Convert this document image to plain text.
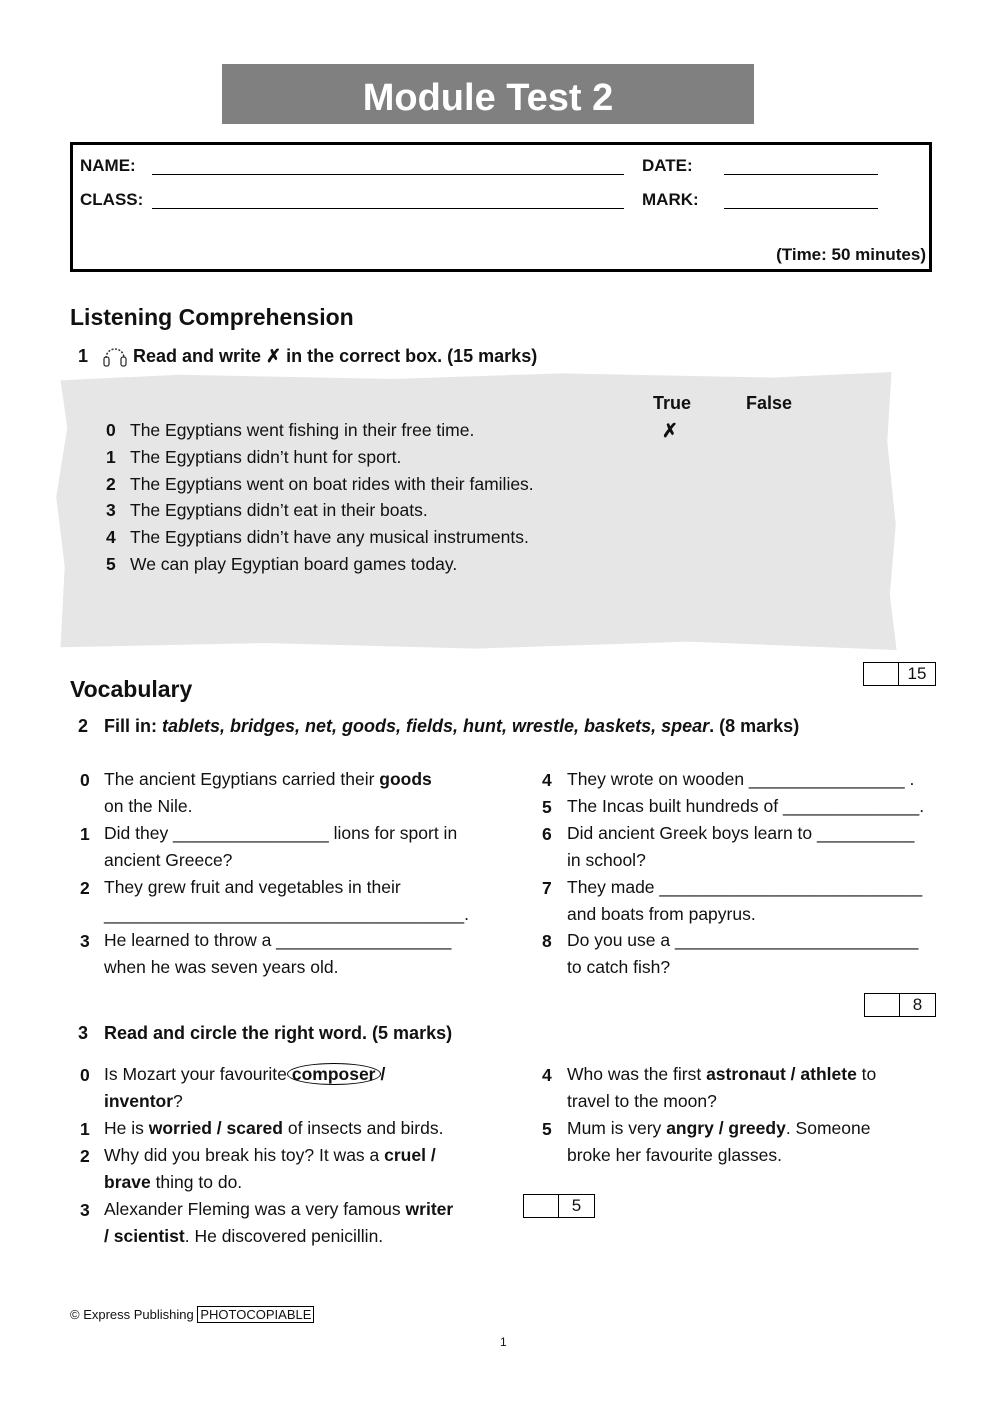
Module Test 2
NAME:	DATE:
CLASS:	MARK:
(Time: 50 minutes)
Listening Comprehension
1 Read and write ✗ in the correct box. (15 marks)
True	False
0 The Egyptians went fishing in their free time.	✗
1 The Egyptians didn’t hunt for sport.
2 The Egyptians went on boat rides with their families.
3 The Egyptians didn’t eat in their boats.
4 The Egyptians didn’t have any musical instruments.
5 We can play Egyptian board games today.
15
Vocabulary
2 Fill in: tablets, bridges, net, goods, fields, hunt, wrestle, baskets, spear. (8 marks)
0 The ancient Egyptians carried their goods
on the Nile.
1 Did they ________________ lions for sport in
ancient Greece?
2 They grew fruit and vegetables in their
_____________________________________.
3 He learned to throw a __________________
when he was seven years old.
4 They wrote on wooden ________________ .
5 The Incas built hundreds of ______________.
6 Did ancient Greek boys learn to __________
in school?
7 They made ___________________________
and boats from papyrus.
8 Do you use a _________________________
to catch fish?
8
3 Read and circle the right word. (5 marks)
0 Is Mozart your favourite composer /
inventor?
1 He is worried / scared of insects and birds.
2 Why did you break his toy? It was a cruel /
brave thing to do.
3 Alexander Fleming was a very famous writer
/ scientist. He discovered penicillin.
4 Who was the first astronaut / athlete to
travel to the moon?
5 Mum is very angry / greedy. Someone
broke her favourite glasses.
5
© Express Publishing PHOTOCOPIABLE
1
